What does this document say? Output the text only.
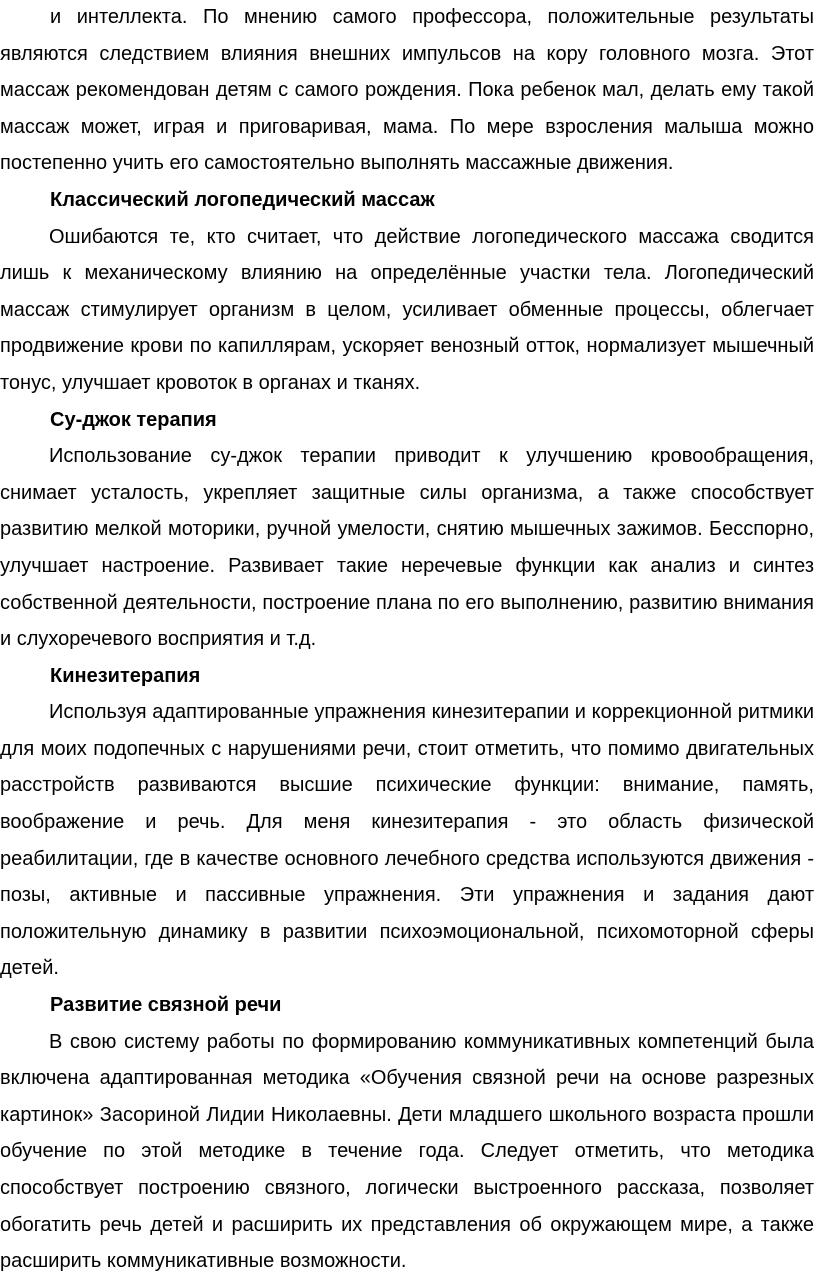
и интеллекта. По мнению самого профессора, положительные результаты являются следствием влияния внешних импульсов на кору головного мозга. Этот массаж рекомендован детям с самого рождения. Пока ребенок мал, делать ему такой массаж может, играя и приговаривая, мама. По мере взросления малыша можно постепенно учить его самостоятельно выполнять массажные движения.

Классический логопедический массаж

Ошибаются те, кто считает, что действие логопедического массажа сводится лишь к механическому влиянию на определённые участки тела. Логопедический массаж стимулирует организм в целом, усиливает обменные процессы, облегчает продвижение крови по капиллярам, ускоряет венозный отток, нормализует мышечный тонус, улучшает кровоток в органах и тканях.

Су-джок терапия

Использование су-джок терапии приводит к улучшению кровообращения, снимает усталость, укрепляет защитные силы организма, а также способствует развитию мелкой моторики, ручной умелости, снятию мышечных зажимов. Бесспорно, улучшает настроение. Развивает такие неречевые функции как анализ и синтез собственной деятельности, построение плана по его выполнению, развитию внимания и слухоречевого восприятия и т.д.

Кинезитерапия

Используя адаптированные упражнения кинезитерапии и коррекционной ритмики для моих подопечных с нарушениями речи, стоит отметить, что помимо двигательных расстройств развиваются высшие психические функции: внимание, память, воображение и речь. Для меня кинезитерапия - это область физической реабилитации, где в качестве основного лечебного средства используются движения - позы, активные и пассивные упражнения. Эти упражнения и задания дают положительную динамику в развитии психоэмоциональной, психомоторной сферы детей.

Развитие связной речи

В свою систему работы по формированию коммуникативных компетенций была включена адаптированная методика «Обучения связной речи на основе разрезных картинок» Засориной Лидии Николаевны. Дети младшего школьного возраста прошли обучение по этой методике в течение года. Следует отметить, что методика способствует построению связного, логически выстроенного рассказа, позволяет обогатить речь детей и расширить их представления об окружающем мире, а также расширить коммуникативные возможности.
